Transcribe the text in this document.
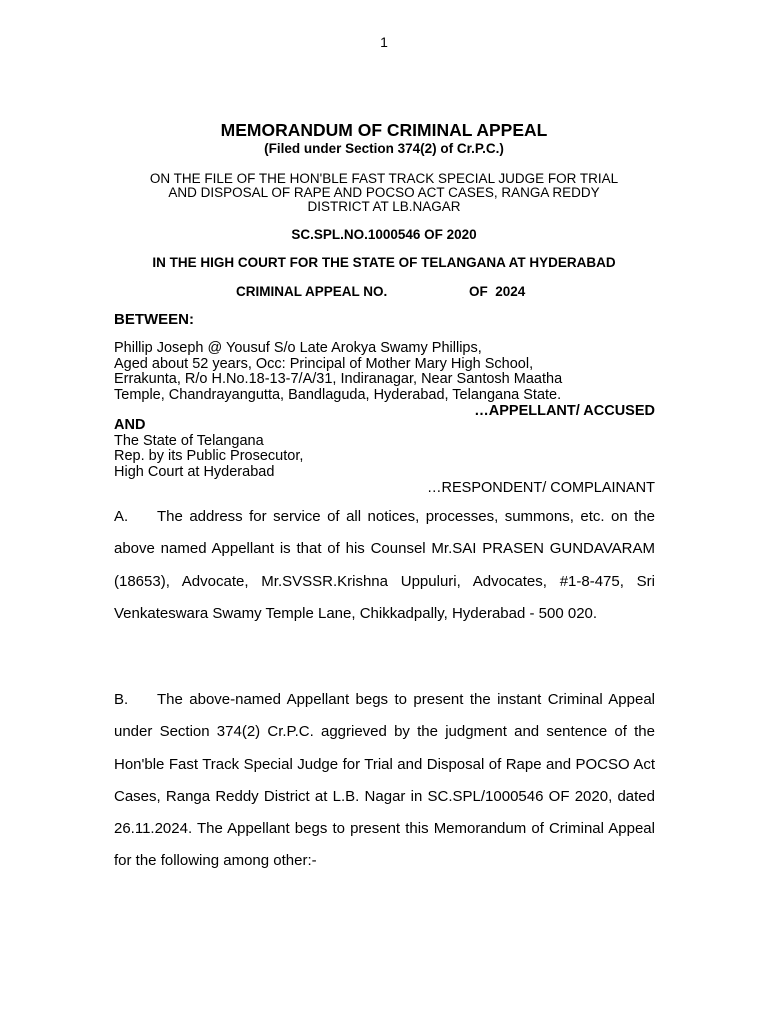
1
MEMORANDUM OF CRIMINAL APPEAL
(Filed under Section 374(2) of Cr.P.C.)
ON THE FILE OF THE HON'BLE FAST TRACK SPECIAL JUDGE FOR TRIAL
AND DISPOSAL OF RAPE AND POCSO ACT CASES, RANGA REDDY
DISTRICT AT LB.NAGAR
SC.SPL.NO.1000546 OF 2020
IN THE HIGH COURT FOR THE STATE OF TELANGANA AT HYDERABAD
CRIMINAL APPEAL NO.	OF  2024
BETWEEN:
Phillip Joseph @ Yousuf S/o Late Arokya Swamy Phillips,
Aged about 52 years, Occ: Principal of Mother Mary High School,
Errakunta, R/o H.No.18-13-7/A/31, Indiranagar, Near Santosh Maatha
Temple, Chandrayangutta, Bandlaguda, Hyderabad, Telangana State.
…APPELLANT/ ACCUSED
AND
The State of Telangana
Rep. by its Public Prosecutor,
High Court at Hyderabad
…RESPONDENT/ COMPLAINANT
A. The address for service of all notices, processes, summons, etc. on the above named Appellant is that of his Counsel Mr.SAI PRASEN GUNDAVARAM (18653), Advocate, Mr.SVSSR.Krishna Uppuluri, Advocates, #1-8-475, Sri Venkateswara Swamy Temple Lane, Chikkadpally, Hyderabad - 500 020.
B. The above-named Appellant begs to present the instant Criminal Appeal under Section 374(2) Cr.P.C. aggrieved by the judgment and sentence of the Hon'ble Fast Track Special Judge for Trial and Disposal of Rape and POCSO Act Cases, Ranga Reddy District at L.B. Nagar in SC.SPL/1000546 OF 2020, dated 26.11.2024. The Appellant begs to present this Memorandum of Criminal Appeal for the following among other:-
